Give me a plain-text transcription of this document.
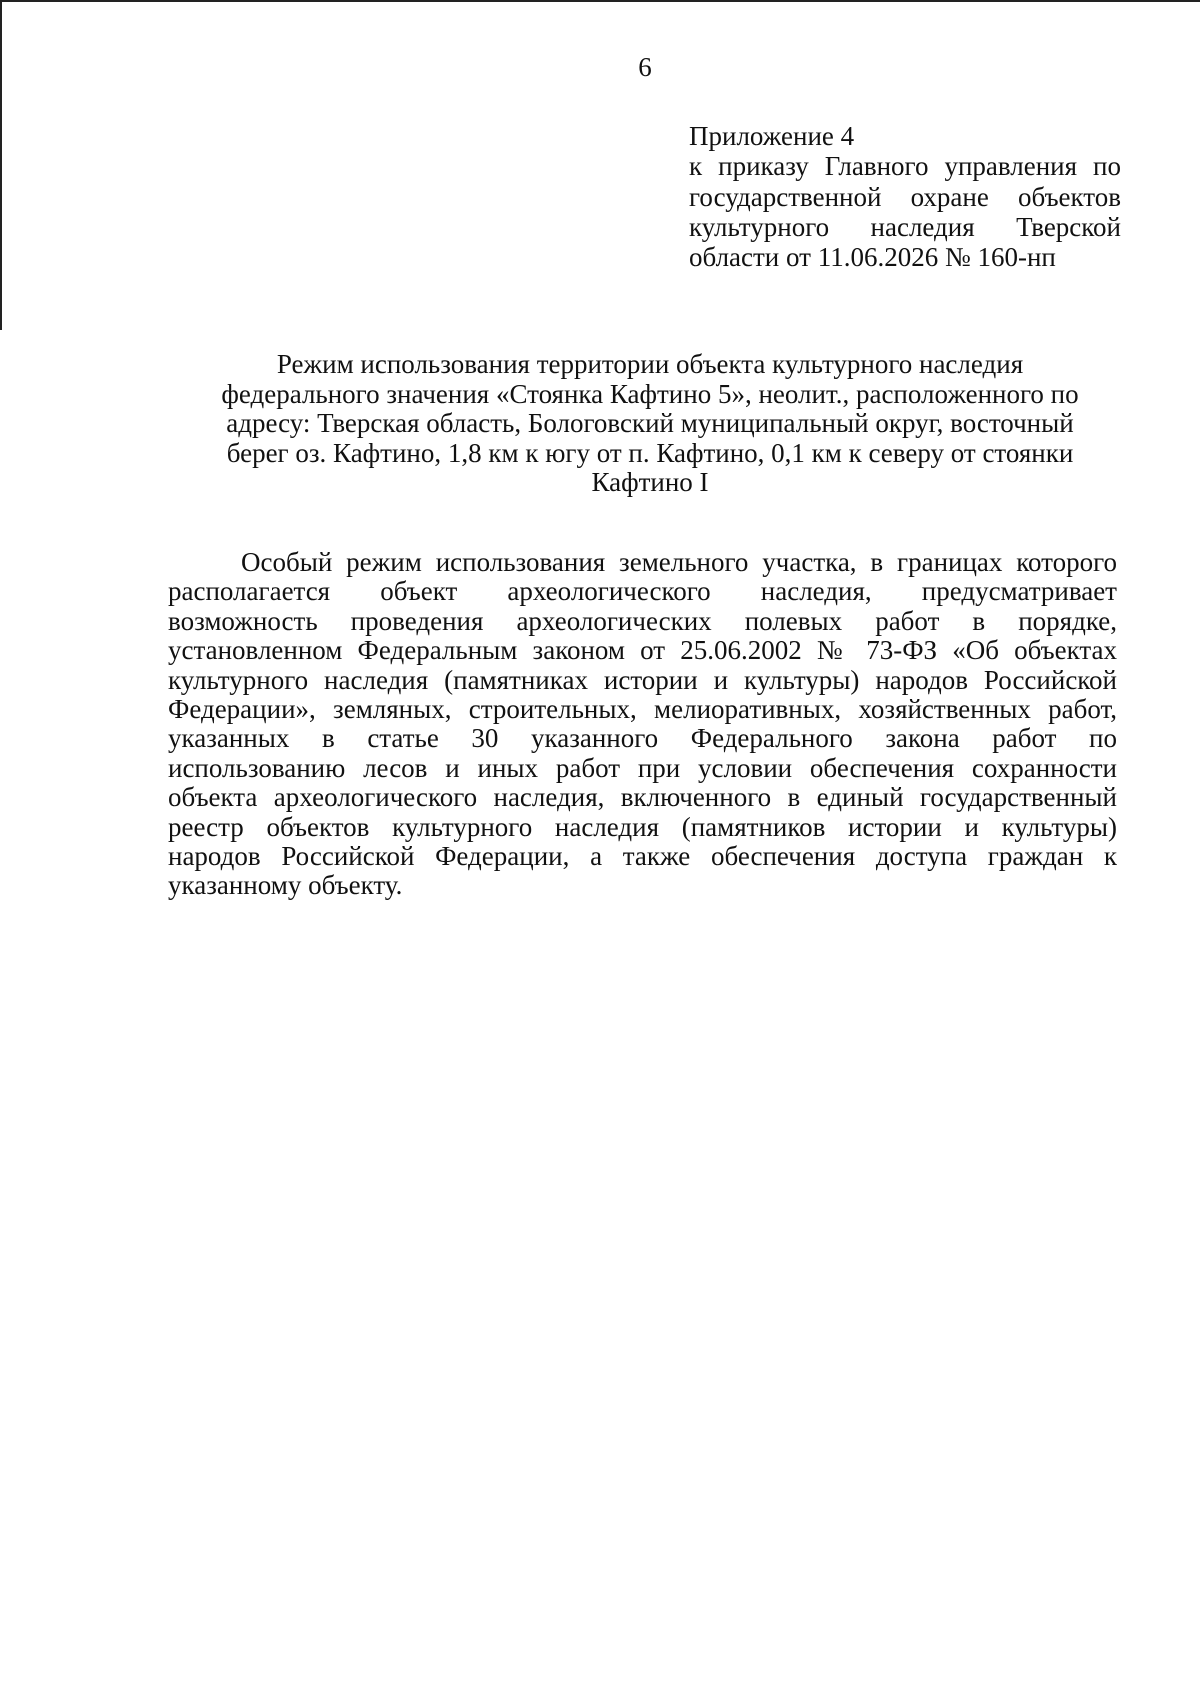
6
Приложение 4
к приказу Главного управления по
государственной охране объектов
культурного наследия Тверской
области от 11.06.2026 № 160-нп
Режим использования территории объекта культурного наследия
федерального значения «Стоянка Кафтино 5», неолит., расположенного по
адресу: Тверская область, Бологовский муниципальный округ, восточный
берег оз. Кафтино, 1,8 км к югу от п. Кафтино, 0,1 км к северу от стоянки
Кафтино I
Особый режим использования земельного участка, в границах которого
располагается объект археологического наследия, предусматривает
возможность проведения археологических полевых работ в порядке,
установленном Федеральным законом от 25.06.2002 № 73-ФЗ «Об объектах
культурного наследия (памятниках истории и культуры) народов Российской
Федерации», земляных, строительных, мелиоративных, хозяйственных работ,
указанных в статье 30 указанного Федерального закона работ по
использованию лесов и иных работ при условии обеспечения сохранности
объекта археологического наследия, включенного в единый государственный
реестр объектов культурного наследия (памятников истории и культуры)
народов Российской Федерации, а также обеспечения доступа граждан к
указанному объекту.
